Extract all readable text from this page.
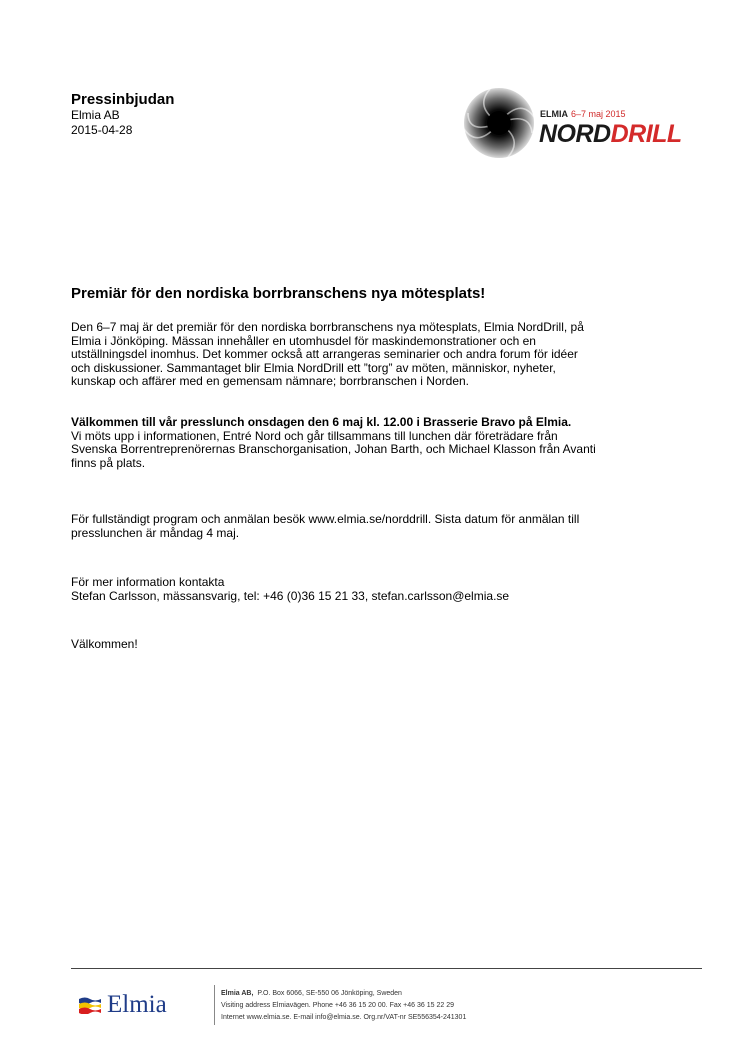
Pressinbjudan
Elmia AB
2015-04-28
ELMIA 6–7 maj 2015
NORDDRILL
Premiär för den nordiska borrbranschens nya mötesplats!

Den 6–7 maj är det premiär för den nordiska borrbranschens nya mötesplats, Elmia NordDrill, på

Elmia i Jönköping. Mässan innehåller en utomhusdel för maskindemonstrationer och en

utställningsdel inomhus. Det kommer också att arrangeras seminarier och andra forum för idéer

och diskussioner. Sammantaget blir Elmia NordDrill ett ”torg” av möten, människor, nyheter,

kunskap och affärer med en gemensam nämnare; borrbranschen i Norden.

Välkommen till vår presslunch onsdagen den 6 maj kl. 12.00 i Brasserie Bravo på Elmia.

Vi möts upp i informationen, Entré Nord och går tillsammans till lunchen där företrädare från

Svenska Borrentreprenörernas Branschorganisation, Johan Barth, och Michael Klasson från Avanti

finns på plats.

För fullständigt program och anmälan besök www.elmia.se/norddrill. Sista datum för anmälan till

presslunchen är måndag 4 maj.

För mer information kontakta

Stefan Carlsson, mässansvarig, tel: +46 (0)36 15 21 33, stefan.carlsson@elmia.se

Välkommen!

Elmia	Elmia AB, P.O. Box 6066, SE-550 06 Jönköping, Sweden
Visiting address Elmiavägen. Phone +46 36 15 20 00. Fax +46 36 15 22 29
Internet www.elmia.se. E-mail info@elmia.se. Org.nr/VAT-nr SE556354-241301
